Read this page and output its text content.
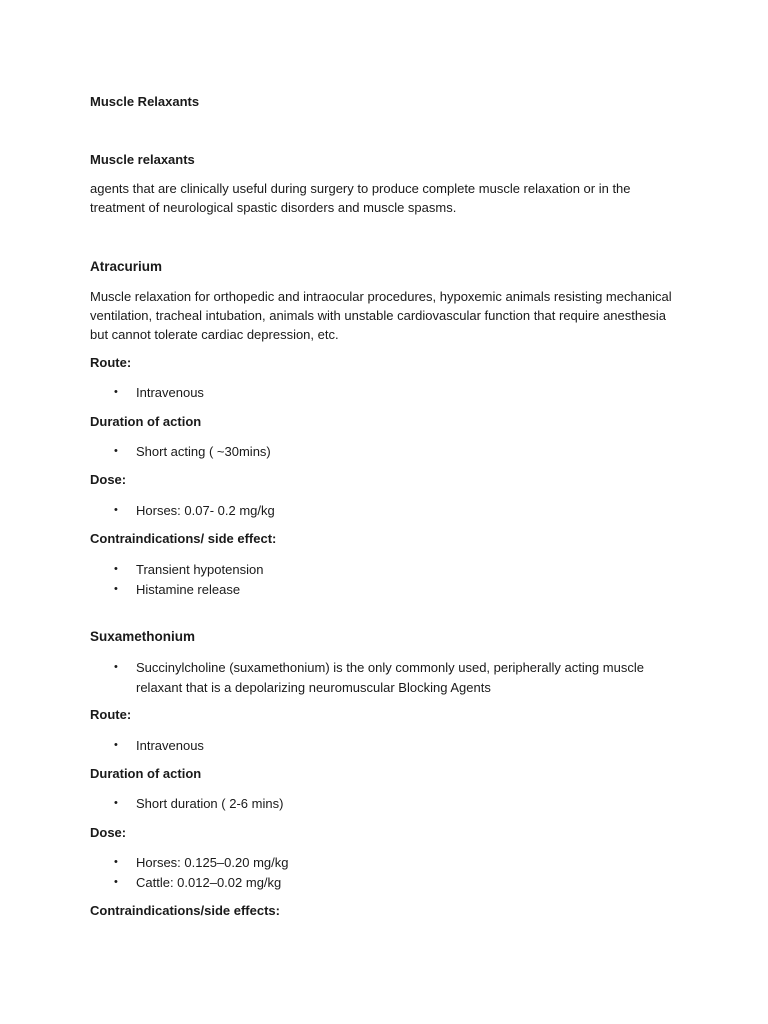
Muscle Relaxants
Muscle relaxants
agents that are clinically useful during surgery to produce complete muscle relaxation or in the treatment of neurological spastic disorders and muscle spasms.
Atracurium
Muscle relaxation for orthopedic and intraocular procedures, hypoxemic animals resisting mechanical ventilation, tracheal intubation, animals with unstable cardiovascular function that require anesthesia but cannot tolerate cardiac depression, etc.
Route:
• Intravenous
Duration of action
• Short acting ( ~30mins)
Dose:
• Horses: 0.07- 0.2 mg/kg
Contraindications/ side effect:
• Transient hypotension
• Histamine release
Suxamethonium
• Succinylcholine (suxamethonium) is the only commonly used, peripherally acting muscle relaxant that is a depolarizing neuromuscular Blocking Agents
Route:
• Intravenous
Duration of action
• Short duration ( 2-6 mins)
Dose:
• Horses: 0.125–0.20 mg/kg
• Cattle: 0.012–0.02 mg/kg
Contraindications/side effects:
